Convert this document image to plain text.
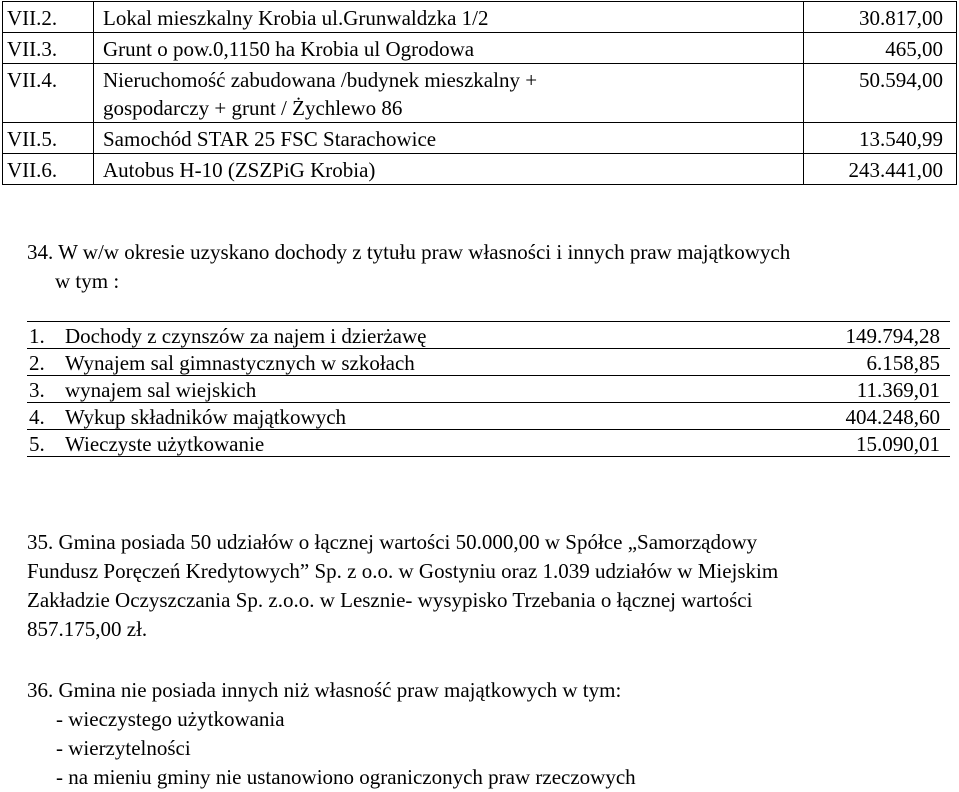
VII.2.	Lokal mieszkalny Krobia ul.Grunwaldzka 1/2	30.817,00
VII.3.	Grunt o pow.0,1150 ha Krobia ul Ogrodowa	465,00
VII.4.	Nieruchomość zabudowana /budynek mieszkalny +
gospodarczy + grunt / Żychlewo 86	50.594,00
VII.5.	Samochód STAR 25 FSC Starachowice	13.540,99
VII.6.	Autobus H-10 (ZSZPiG Krobia)	243.441,00
34. W w/w okresie uzyskano dochody z tytułu praw własności i innych praw majątkowych
w tym :
1.	Dochody z czynszów za najem i dzierżawę	149.794,28
2.	Wynajem sal gimnastycznych w szkołach	6.158,85
3.	wynajem sal wiejskich	11.369,01
4.	Wykup składników majątkowych	404.248,60
5.	Wieczyste użytkowanie	15.090,01
35. Gmina posiada 50 udziałów o łącznej wartości 50.000,00 w Spółce „Samorządowy
Fundusz Poręczeń Kredytowych” Sp. z o.o. w Gostyniu oraz 1.039 udziałów w Miejskim
Zakładzie Oczyszczania Sp. z.o.o. w Lesznie- wysypisko Trzebania o łącznej wartości
857.175,00 zł.
36. Gmina nie posiada innych niż własność praw majątkowych w tym:
- wieczystego użytkowania
- wierzytelności
- na mieniu gminy nie ustanowiono ograniczonych praw rzeczowych
